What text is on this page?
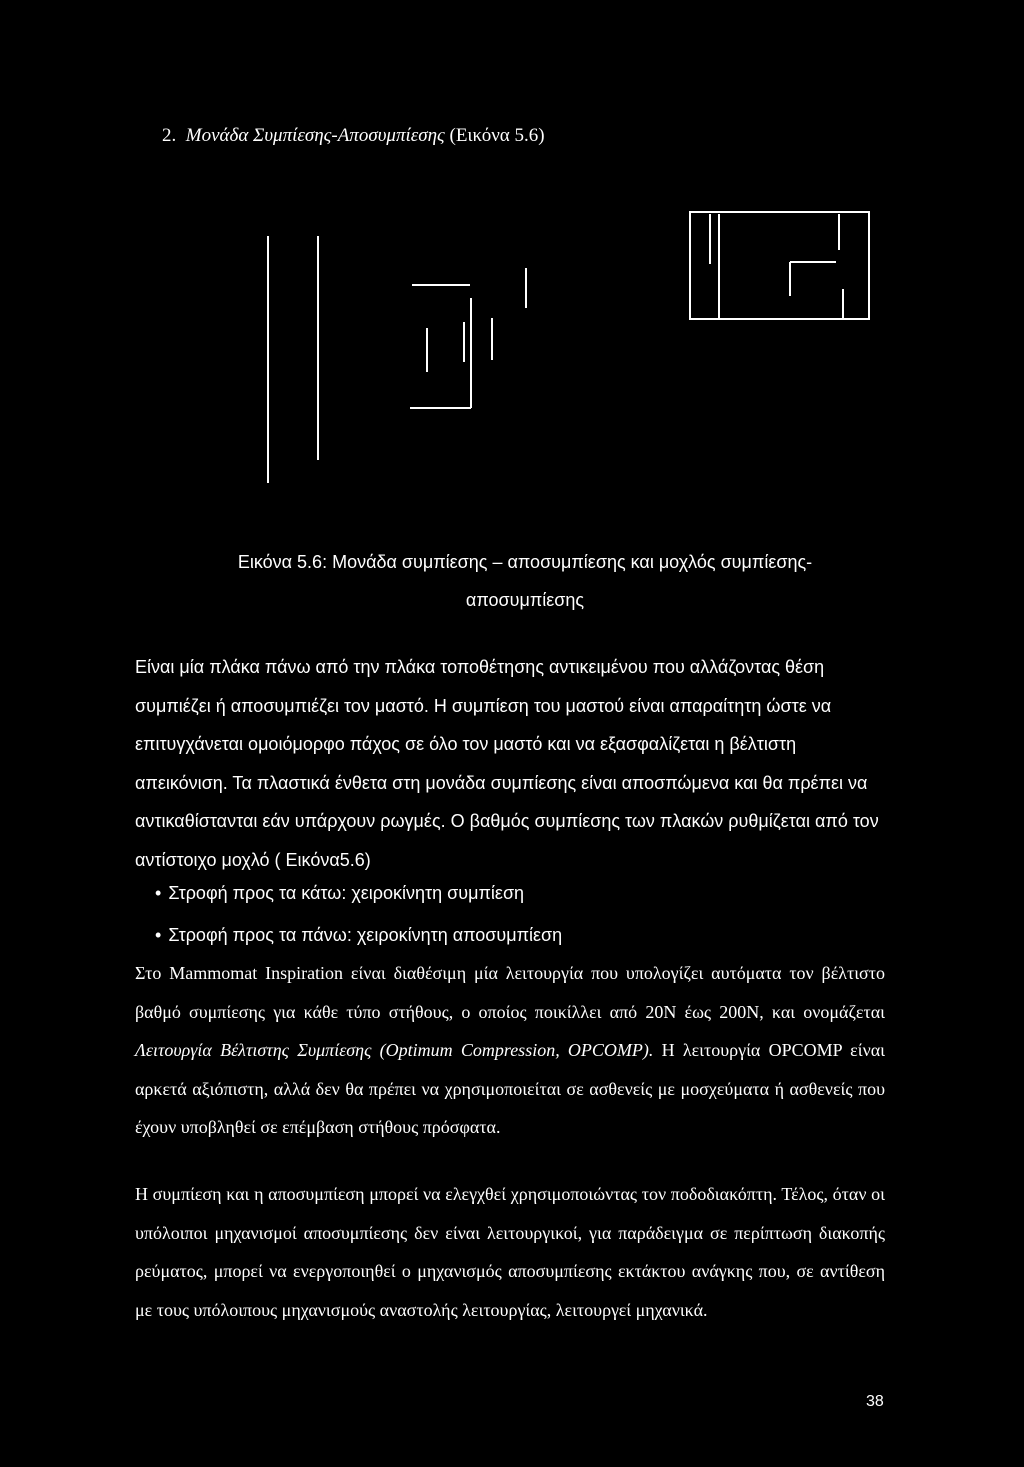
2. Μονάδα Συμπίεσης-Αποσυμπίεσης (Εικόνα 5.6)
Εικόνα 5.6: Μονάδα συμπίεσης – αποσυμπίεσης και μοχλός συμπίεσης-
αποσυμπίεσης
Είναι μία πλάκα πάνω από την πλάκα τοποθέτησης αντικειμένου που αλλάζοντας θέση συμπιέζει ή αποσυμπιέζει τον μαστό. Η συμπίεση του μαστού είναι απαραίτητη ώστε να επιτυγχάνεται ομοιόμορφο πάχος σε όλο τον μαστό και να εξασφαλίζεται η βέλτιστη απεικόνιση. Τα πλαστικά ένθετα στη μονάδα συμπίεσης είναι αποσπώμενα και θα πρέπει να αντικαθίστανται εάν υπάρχουν ρωγμές. Ο βαθμός συμπίεσης των πλακών ρυθμίζεται από τον αντίστοιχο μοχλό ( Εικόνα5.6)
• Στροφή προς τα κάτω: χειροκίνητη συμπίεση
• Στροφή προς τα πάνω: χειροκίνητη αποσυμπίεση
Στο Mammomat Inspiration είναι διαθέσιμη μία λειτουργία που υπολογίζει αυτόματα τον βέλτιστο βαθμό συμπίεσης για κάθε τύπο στήθους, ο οποίος ποικίλλει από 20N έως 200N, και ονομάζεται Λειτουργία Βέλτιστης Συμπίεσης (Optimum Compression, OPCOMP). Η λειτουργία OPCOMP είναι αρκετά αξιόπιστη, αλλά δεν θα πρέπει να χρησιμοποιείται σε ασθενείς με μοσχεύματα ή ασθενείς που έχουν υποβληθεί σε επέμβαση στήθους πρόσφατα.
Η συμπίεση και η αποσυμπίεση μπορεί να ελεγχθεί χρησιμοποιώντας τον ποδοδιακόπτη. Τέλος, όταν οι υπόλοιποι μηχανισμοί αποσυμπίεσης δεν είναι λειτουργικοί, για παράδειγμα σε περίπτωση διακοπής ρεύματος, μπορεί να ενεργοποιηθεί ο μηχανισμός αποσυμπίεσης εκτάκτου ανάγκης που, σε αντίθεση με τους υπόλοιπους μηχανισμούς αναστολής λειτουργίας, λειτουργεί μηχανικά.
38
